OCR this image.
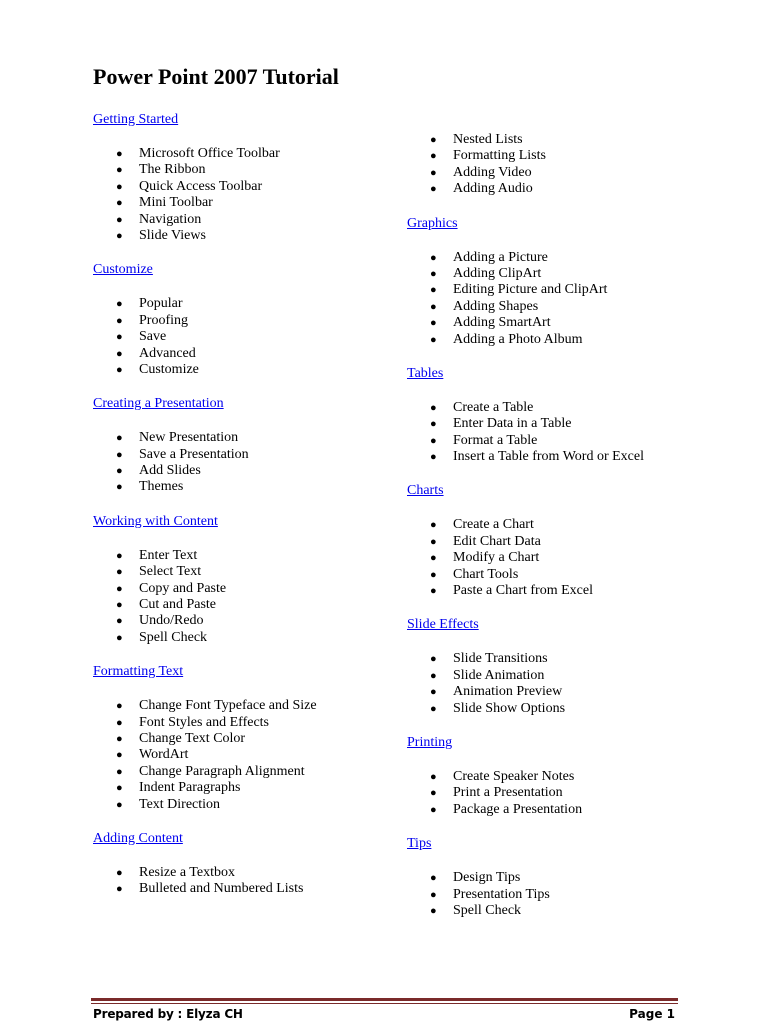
Power Point 2007 Tutorial
Getting Started
● Microsoft Office Toolbar
● The Ribbon
● Quick Access Toolbar
● Mini Toolbar
● Navigation
● Slide Views
Customize
● Popular
● Proofing
● Save
● Advanced
● Customize
Creating a Presentation
● New Presentation
● Save a Presentation
● Add Slides
● Themes
Working with Content
● Enter Text
● Select Text
● Copy and Paste
● Cut and Paste
● Undo/Redo
● Spell Check
Formatting Text
● Change Font Typeface and Size
● Font Styles and Effects
● Change Text Color
● WordArt
● Change Paragraph Alignment
● Indent Paragraphs
● Text Direction
Adding Content
● Resize a Textbox
● Bulleted and Numbered Lists
● Nested Lists
● Formatting Lists
● Adding Video
● Adding Audio
Graphics
● Adding a Picture
● Adding ClipArt
● Editing Picture and ClipArt
● Adding Shapes
● Adding SmartArt
● Adding a Photo Album
Tables
● Create a Table
● Enter Data in a Table
● Format a Table
● Insert a Table from Word or Excel
Charts
● Create a Chart
● Edit Chart Data
● Modify a Chart
● Chart Tools
● Paste a Chart from Excel
Slide Effects
● Slide Transitions
● Slide Animation
● Animation Preview
● Slide Show Options
Printing
● Create Speaker Notes
● Print a Presentation
● Package a Presentation
Tips
● Design Tips
● Presentation Tips
● Spell Check
Prepared by : Elyza CH	Page 1
